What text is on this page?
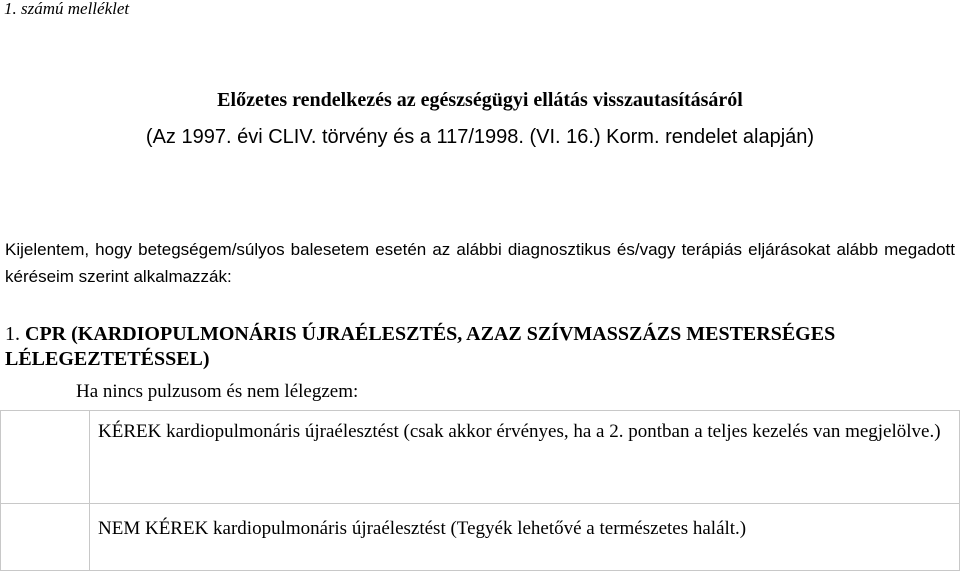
1. számú melléklet
Előzetes rendelkezés az egészségügyi ellátás visszautasításáról
(Az 1997. évi CLIV. törvény és a 117/1998. (VI. 16.) Korm. rendelet alapján)
Kijelentem, hogy betegségem/súlyos balesetem esetén az alábbi diagnosztikus és/vagy terápiás eljárásokat alább megadott kéréseim szerint alkalmazzák:
1. CPR (KARDIOPULMONÁRIS ÚJRAÉLESZTÉS, AZAZ SZÍVMASSZÁZS MESTERSÉGES LÉLEGEZTETÉSSEL)
Ha nincs pulzusom és nem lélegzem:
	KÉREK kardiopulmonáris újraélesztést (csak akkor érvényes, ha a 2. pontban a teljes kezelés van megjelölve.)
	NEM KÉREK kardiopulmonáris újraélesztést (Tegyék lehetővé a természetes halált.)
